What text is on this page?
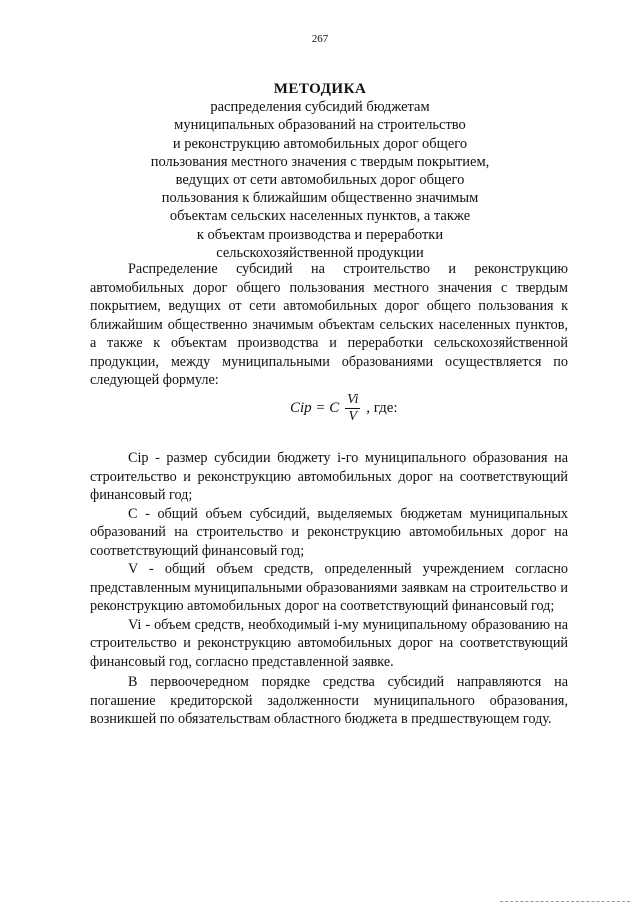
267
МЕТОДИКА
распределения субсидий бюджетам
муниципальных образований на строительство
и реконструкцию автомобильных дорог общего
пользования местного значения с твердым покрытием,
ведущих от сети автомобильных дорог общего
пользования к ближайшим общественно значимым
объектам сельских населенных пунктов, а также
к объектам производства и переработки
сельскохозяйственной продукции

Распределение субсидий на строительство и реконструкцию автомобильных дорог общего пользования местного значения с твердым покрытием, ведущих от сети автомобильных дорог общего пользования к ближайшим общественно значимым объектам сельских населенных пунктов, а также к объектам производства и переработки сельскохозяйственной продукции, между муниципальными образованиями осуществляется по следующей формуле:

Ciр = C $\frac{Vi}{V}$ , где:

Ciр - размер субсидии бюджету i-го муниципального образования на строительство и реконструкцию автомобильных дорог на соответствующий финансовый год;

С - общий объем субсидий, выделяемых бюджетам муниципальных образований на строительство и реконструкцию автомобильных дорог на соответствующий финансовый год;

V - общий объем средств, определенный учреждением согласно представленным муниципальными образованиями заявкам на строительство и реконструкцию автомобильных дорог на соответствующий финансовый год;

Vi - объем средств, необходимый i-му муниципальному образованию на строительство и реконструкцию автомобильных дорог на соответствующий финансовый год, согласно представленной заявке.

В первоочередном порядке средства субсидий направляются на погашение кредиторской задолженности муниципального образования, возникшей по обязательствам областного бюджета в предшествующем году.
